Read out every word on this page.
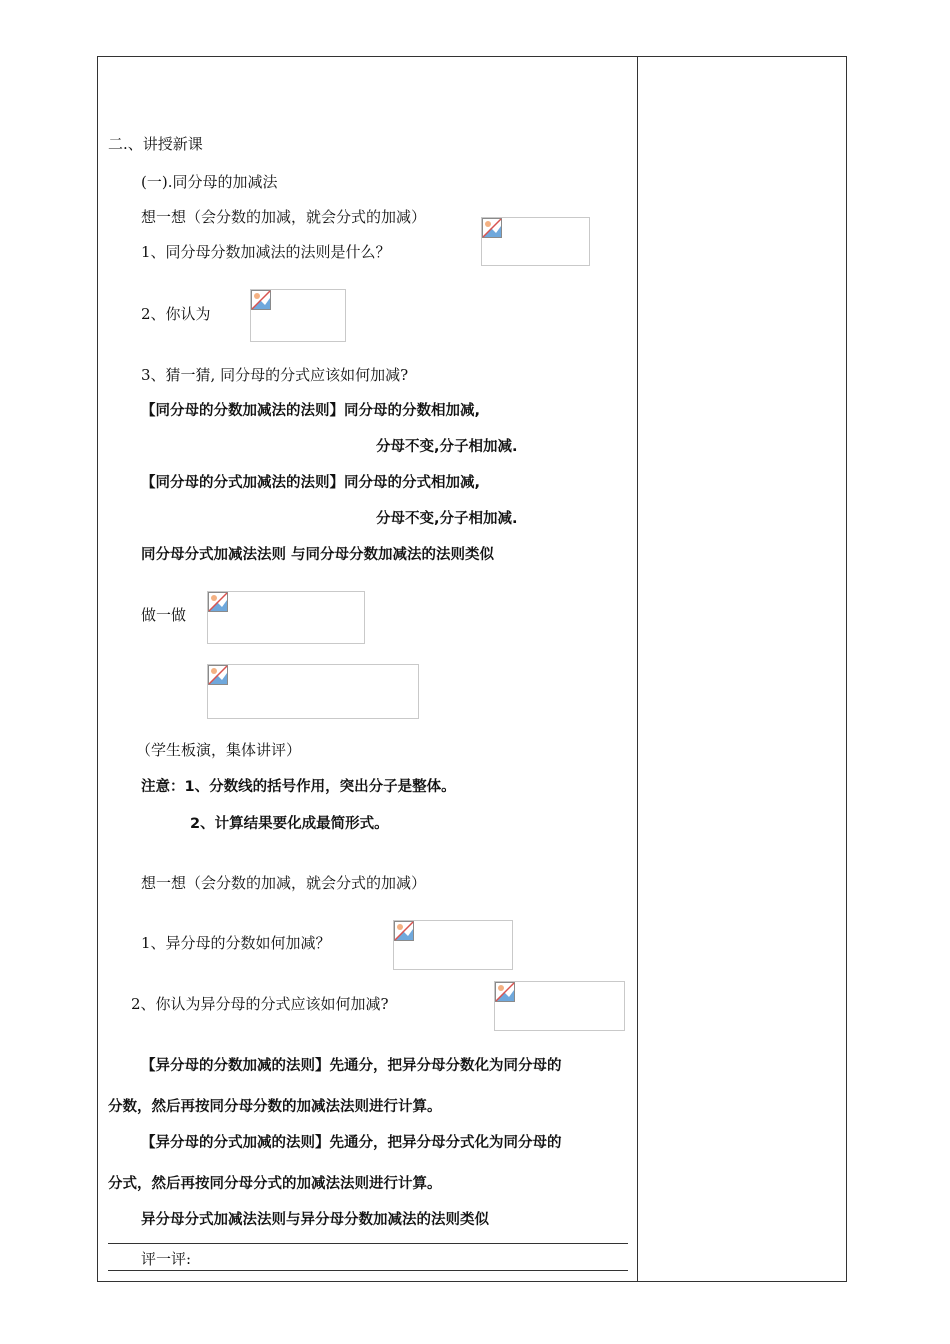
二.、讲授新课
(一).同分母的加减法
想一想（会分数的加减，就会分式的加减）
1、同分母分数加减法的法则是什么？
2、你认为
3、猜一猜, 同分母的分式应该如何加减?
【同分母的分数加减法的法则】同分母的分数相加减,
分母不变,分子相加减.
【同分母的分式加减法的法则】同分母的分式相加减,
分母不变,分子相加减.
同分母分式加减法法则 与同分母分数加减法的法则类似
做一做
（学生板演，集体讲评）
注意：1、分数线的括号作用，突出分子是整体。
2、计算结果要化成最简形式。
想一想（会分数的加减，就会分式的加减）
1、异分母的分数如何加减？
2、你认为异分母的分式应该如何加减?
【异分母的分数加减的法则】先通分，把异分母分数化为同分母的
分数，然后再按同分母分数的加减法法则进行计算。
【异分母的分式加减的法则】先通分，把异分母分式化为同分母的
分式，然后再按同分母分式的加减法法则进行计算。
异分母分式加减法法则与异分母分数加减法的法则类似
评一评:
